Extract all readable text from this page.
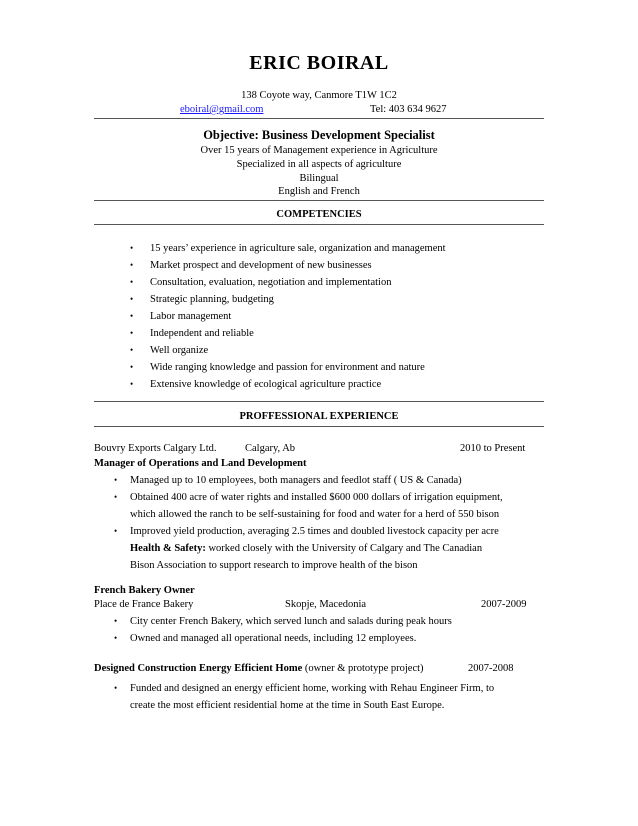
ERIC BOIRAL
138 Coyote way, Canmore T1W 1C2
eboiral@gmail.com	Tel: 403 634 9627
Objective: Business Development Specialist
Over 15 years of Management experience in Agriculture
Specialized in all aspects of agriculture
Bilingual
English and French
COMPETENCIES
• 15 years’ experience in agriculture sale, organization and management
• Market prospect and development of new businesses
• Consultation, evaluation, negotiation and implementation
• Strategic planning, budgeting
• Labor management
• Independent and reliable
• Well organize
• Wide ranging knowledge and passion for environment and nature
• Extensive knowledge of ecological agriculture practice
PROFFESSIONAL EXPERIENCE
Bouvry Exports Calgary Ltd.	Calgary, Ab	2010 to Present
Manager of Operations and Land Development
• Managed up to 10 employees, both managers and feedlot staff ( US & Canada)
• Obtained 400 acre of water rights and installed $600 000 dollars of irrigation equipment,
which allowed the ranch to be self-sustaining for food and water for a herd of 550 bison
• Improved yield production, averaging 2.5 times and doubled livestock capacity per acre
Health & Safety: worked closely with the University of Calgary and The Canadian
Bison Association to support research to improve health of the bison
French Bakery Owner
Place de France Bakery	Skopje, Macedonia	2007-2009
• City center French Bakery, which served lunch and salads during peak hours
• Owned and managed all operational needs, including 12 employees.
Designed Construction Energy Efficient Home (owner & prototype project)	2007-2008
• Funded and designed an energy efficient home, working with Rehau Engineer Firm, to
create the most efficient residential home at the time in South East Europe.
